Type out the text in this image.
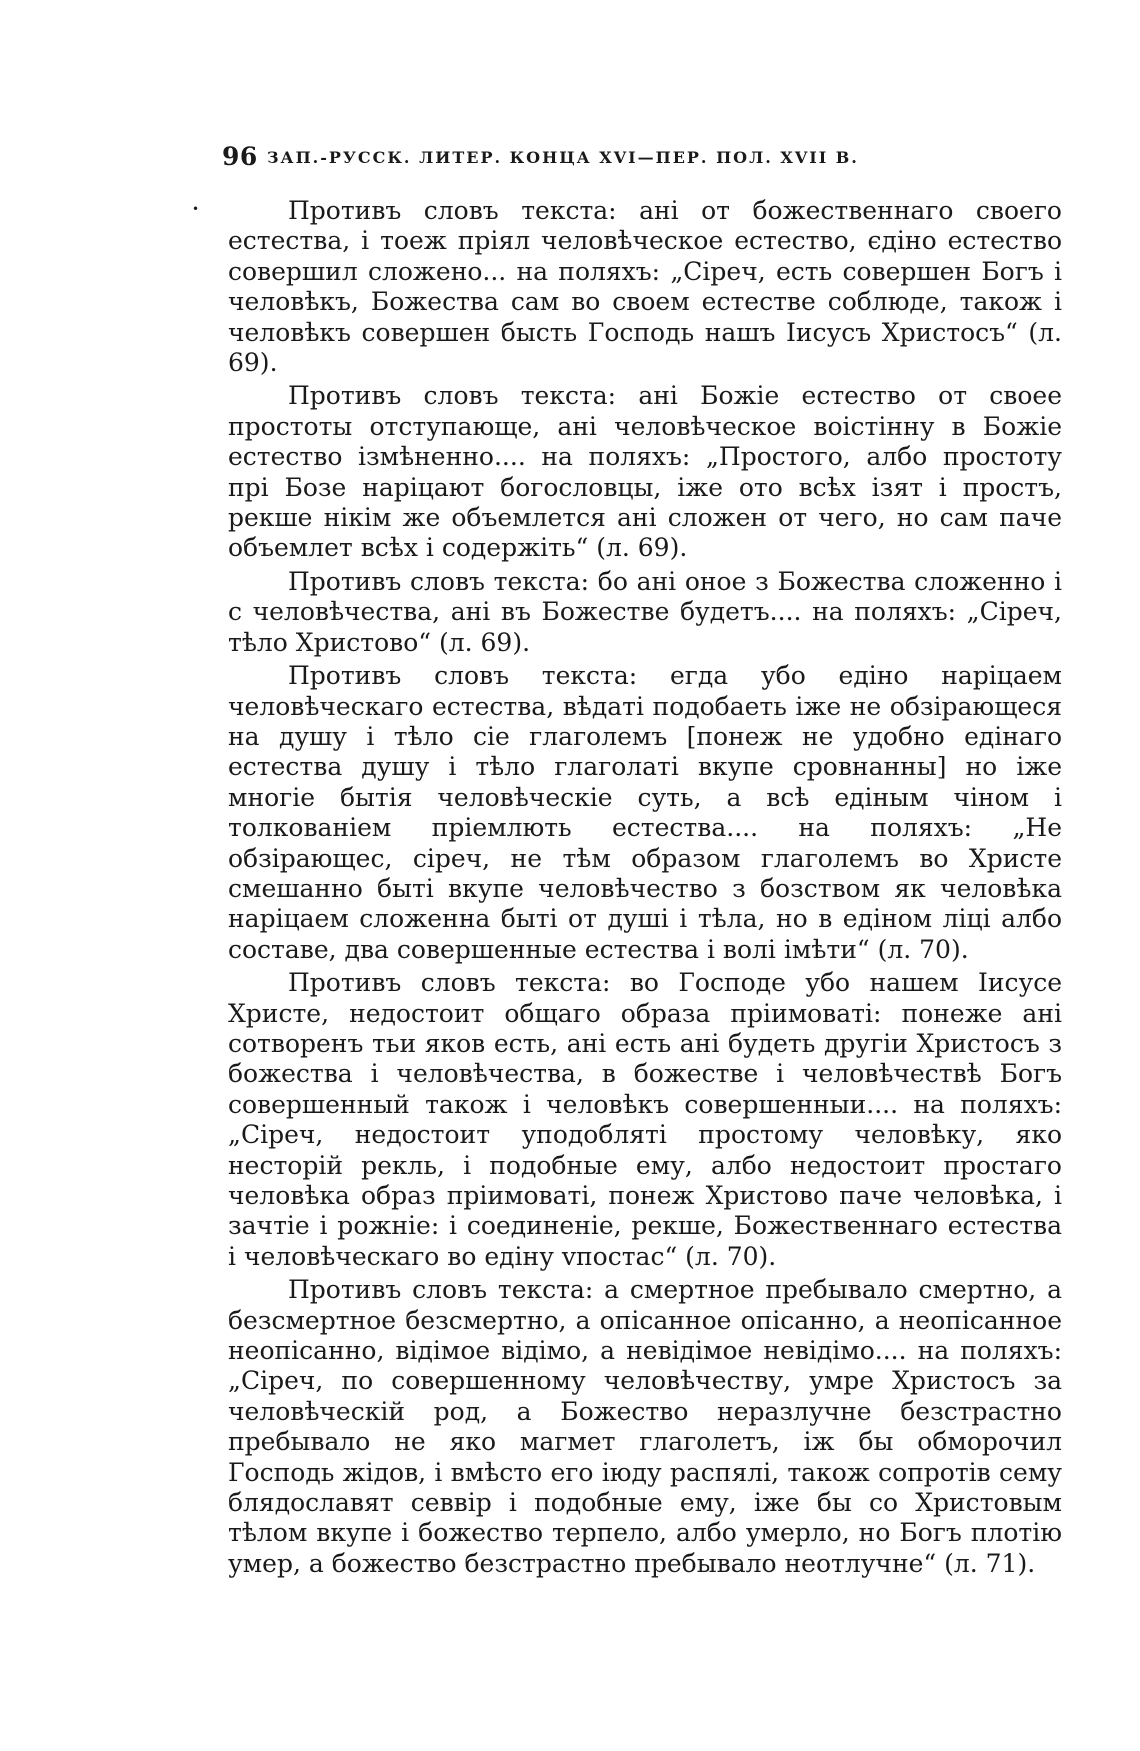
96 ЗАП.-РУССК. ЛИТЕР. КОНЦА XVI—ПЕР. ПОЛ. XVII В.
•	Противъ словъ текста: ані от божественнаго своего естества, і тоеж пріял человѣческое естество, єдіно естество совершил сложено... на поляхъ: „Сіреч, есть совершен Богъ і человѣкъ, Божества сам во своем естестве соблюде, також і человѣкъ совершен бысть Господь нашъ Іисусъ Христосъ“ (л. 69).

Противъ словъ текста: ані Божіе естество от своее простоты отступающе, ані человѣческое воістінну в Божіе естество ізмѣненно.... на поляхъ: „Простого, албо простоту прі Бозе наріцают богословцы, іже ото всѣх ізят і простъ, рекше нікім же объемлется ані сложен от чего, но сам паче объемлет всѣх і содержіть“ (л. 69).

Противъ словъ текста: бо ані оное з Божества сложенно і с человѣчества, ані въ Божестве будетъ.... на поляхъ: „Сіреч, тѣло Христово“ (л. 69).

Противъ словъ текста: егда убо едіно наріцаем человѣческаго естества, вѣдаті подобаеть іже не обзірающеся на душу і тѣло сіе глаголемъ [понеж не удобно едінаго естества душу і тѣло глаголаті вкупе сровнанны] но іже многіе бытія человѣческіе суть, а всѣ едіным чіном і толкованіем пріемлють естества.... на поляхъ: „Не обзірающес, сіреч, не тѣм образом глаголемъ во Христе смешанно быті вкупе человѣчество з бозством як человѣка наріцаем сложенна быті от душі і тѣла, но в едіном ліці албо составе, два совершенные естества і волі імѣти“ (л. 70).

Противъ словъ текста: во Господе убо нашем Іисусе Христе, недостоит общаго образа пріимоваті: понеже ані сотворенъ тьи яков есть, ані есть ані будеть другіи Христосъ з божества і человѣчества, в божестве і человѣчествѣ Богъ совершенный також і человѣкъ совершенныи.... на поляхъ: „Сіреч, недостоит уподобляті простому человѣку, яко несторій рекль, і подобные ему, албо недостоит простаго человѣка образ пріимоваті, понеж Христово паче человѣка, і зачтіе і рожніе: і соединеніе, рекше, Божественнаго естества і человѣческаго во едіну vпостас“ (л. 70).

Противъ словъ текста: а смертное пребывало смертно, а безсмертное безсмертно, а опісанное опісанно, а неопісанное неопісанно, відімое відімо, а невідімое невідімо.... на поляхъ: „Сіреч, по совершенному человѣчеству, умре Христосъ за человѣческій род, а Божество неразлучне безстрастно пребывало не яко магмет глаголетъ, іж бы обморочил Господь жідов, і вмѣсто его іюду распялі, також сопротів сему блядославят севвір і подобные ему, іже бы со Христовым тѣлом вкупе і божество терпело, албо умерло, но Богъ плотію умер, а божество безстрастно пребывало неотлучне“ (л. 71).
